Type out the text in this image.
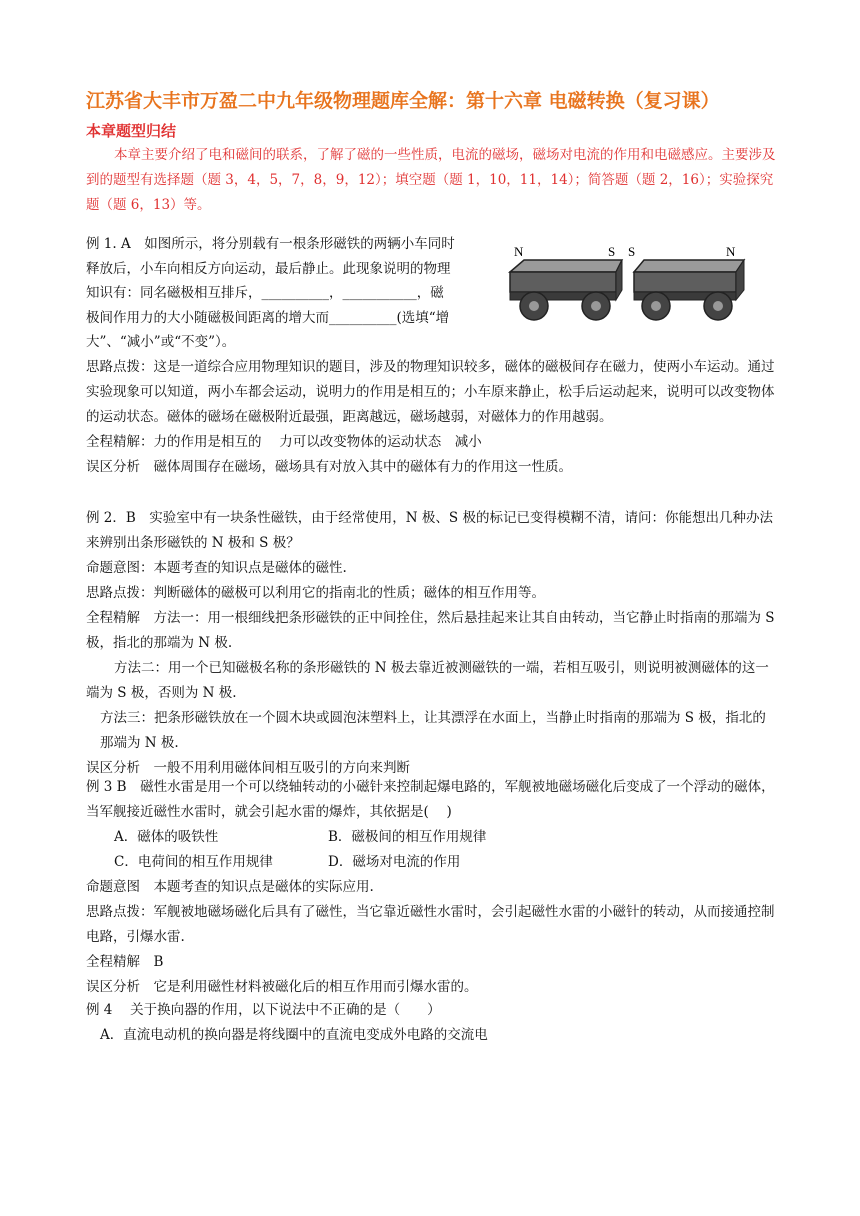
江苏省大丰市万盈二中九年级物理题库全解：第十六章 电磁转换（复习课）
本章题型归结
本章主要介绍了电和磁间的联系，了解了磁的一些性质，电流的磁场，磁场对电流的作用和电磁感应。主要涉及到的题型有选择题（题 3，4，5，7，8，9，12）；填空题（题 1，10，11，14）；简答题（题 2，16）；实验探究题（题 6，13）等。

例 1. A　如图所示，将分别载有一根条形磁铁的两辆小车同时

释放后，小车向相反方向运动，最后静止。此现象说明的物理

知识有：同名磁极相互排斥，__________，___________，磁

极间作用力的大小随磁极间距离的增大而__________(选填“增

大”、“减小”或“不变”）。

N	S S	N

思路点拨：这是一道综合应用物理知识的题目，涉及的物理知识较多，磁体的磁极间存在磁力，使两小车运动。通过实验现象可以知道，两小车都会运动，说明力的作用是相互的；小车原来静止，松手后运动起来，说明可以改变物体的运动状态。磁体的磁场在磁极附近最强，距离越远，磁场越弱，对磁体力的作用越弱。

全程精解：力的作用是相互的　 力可以改变物体的运动状态　减小

误区分析　磁体周围存在磁场，磁场具有对放入其中的磁体有力的作用这一性质。

例 2．B　实验室中有一块条性磁铁，由于经常使用，N 极、S 极的标记已变得模糊不清，请问：你能想出几种办法来辨别出条形磁铁的 N 极和 S 极？

命题意图：本题考查的知识点是磁体的磁性.

思路点拨：判断磁体的磁极可以利用它的指南北的性质；磁体的相互作用等。

全程精解　方法一：用一根细线把条形磁铁的正中间拴住，然后悬挂起来让其自由转动，当它静止时指南的那端为 S 极，指北的那端为 N 极.

方法二：用一个已知磁极名称的条形磁铁的 N 极去靠近被测磁铁的一端，若相互吸引，则说明被测磁体的这一端为 S 极，否则为 N 极.

方法三：把条形磁铁放在一个圆木块或圆泡沫塑料上，让其漂浮在水面上，当静止时指南的那端为 S 极，指北的那端为 N 极.

误区分析　一般不用利用磁体间相互吸引的方向来判断

例 3 B　磁性水雷是用一个可以绕轴转动的小磁针来控制起爆电路的，军舰被地磁场磁化后变成了一个浮动的磁体，当军舰接近磁性水雷时，就会引起水雷的爆炸，其依据是(　 )

A．磁体的吸铁性	B．磁极间的相互作用规律
C．电荷间的相互作用规律	D．磁场对电流的作用

命题意图　本题考查的知识点是磁体的实际应用.

思路点拨：军舰被地磁场磁化后具有了磁性，当它靠近磁性水雷时，会引起磁性水雷的小磁针的转动，从而接通控制电路，引爆水雷.

全程精解　B

误区分析　它是利用磁性材料被磁化后的相互作用而引爆水雷的。

例 4　 关于换向器的作用，以下说法中不正确的是（　　）

A．直流电动机的换向器是将线圈中的直流电变成外电路的交流电
